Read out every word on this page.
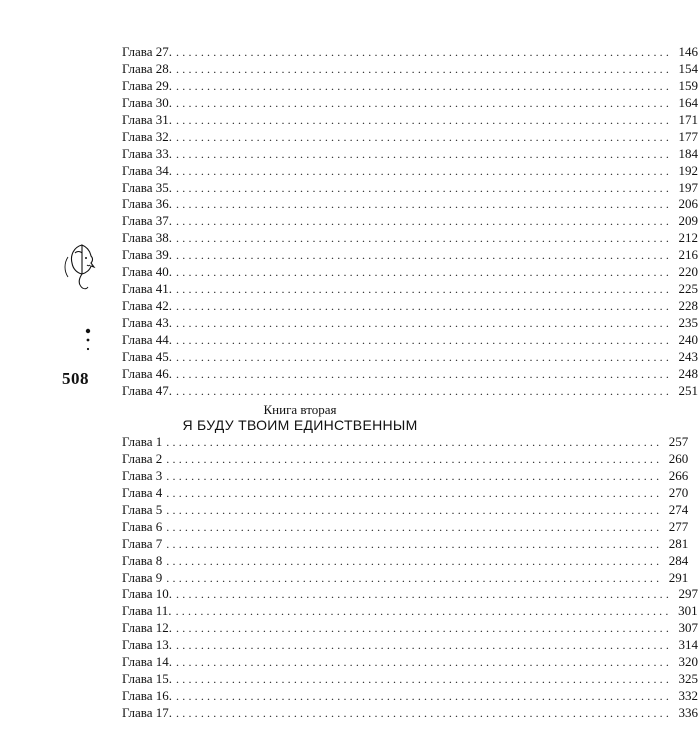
508
Глава 27. ................................................................................ 146
Глава 28. ................................................................................ 154
Глава 29. ................................................................................ 159
Глава 30. ................................................................................ 164
Глава 31. ................................................................................ 171
Глава 32. ................................................................................ 177
Глава 33. ................................................................................ 184
Глава 34. ................................................................................ 192
Глава 35. ................................................................................ 197
Глава 36. ................................................................................ 206
Глава 37. ................................................................................ 209
Глава 38. ................................................................................ 212
Глава 39. ................................................................................ 216
Глава 40. ................................................................................ 220
Глава 41. ................................................................................ 225
Глава 42. ................................................................................ 228
Глава 43. ................................................................................ 235
Глава 44. ................................................................................ 240
Глава 45. ................................................................................ 243
Глава 46. ................................................................................ 248
Глава 47. ................................................................................ 251
Книга вторая
Я БУДУ ТВОИМ ЕДИНСТВЕННЫМ
Глава 1 ................................................................................ 257
Глава 2 ................................................................................ 260
Глава 3 ................................................................................ 266
Глава 4 ................................................................................ 270
Глава 5 ................................................................................ 274
Глава 6 ................................................................................ 277
Глава 7 ................................................................................ 281
Глава 8 ................................................................................ 284
Глава 9 ................................................................................ 291
Глава 10. ................................................................................ 297
Глава 11. ................................................................................ 301
Глава 12. ................................................................................ 307
Глава 13. ................................................................................ 314
Глава 14. ................................................................................ 320
Глава 15. ................................................................................ 325
Глава 16. ................................................................................ 332
Глава 17. ................................................................................ 336
